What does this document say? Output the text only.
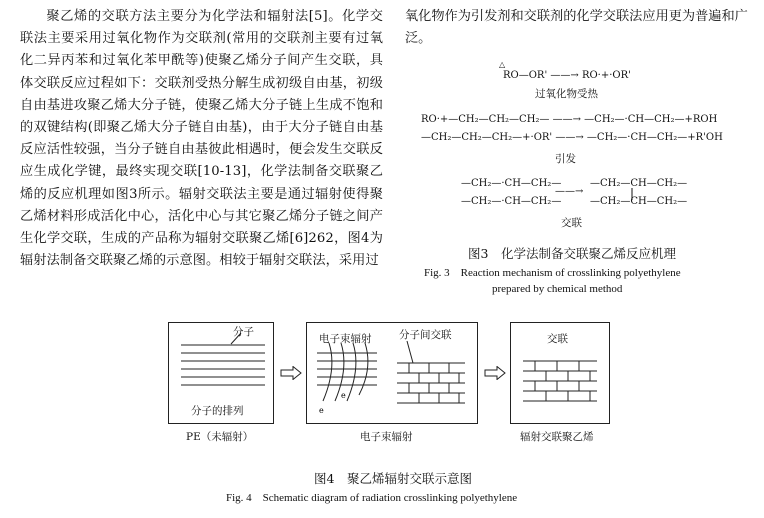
聚乙烯的交联方法主要分为化学法和辐射法[5]。化学交联法主要采用过氧化物作为交联剂(常用的交联剂主要有过氧化二异丙苯和过氧化苯甲酰等)使聚乙烯分子间产生交联，具体交联反应过程如下：交联剂受热分解生成初级自由基，初级自由基进攻聚乙烯大分子链，使聚乙烯大分子链上生成不饱和的双键结构(即聚乙烯大分子链自由基)，由于大分子链自由基反应活性较强，当分子链自由基彼此相遇时，便会发生交联反应生成化学键，最终实现交联[10-13]，化学法制备交联聚乙烯的反应机理如图3所示。辐射交联法主要是通过辐射使得聚乙烯材料形成活化中心，活化中心与其它聚乙烯分子链之间产生化学交联，生成的产品称为辐射交联聚乙烯[6]262，图4为辐射法制备交联聚乙烯的示意图。相较于辐射交联法，采用过

氧化物作为引发剂和交联剂的化学交联法应用更为普遍和广泛。

△
RO—OR' ——→ RO·+·OR'
过氧化物受热
RO·+—CH₂—CH₂—CH₂— ——→ —CH₂—·CH—CH₂—+ROH
—CH₂—CH₂—CH₂—+·OR' ——→ —CH₂—·CH—CH₂—+R'OH
引发
—CH₂—·CH—CH₂—
—CH₂—·CH—CH₂—
——→
—CH₂—CH—CH₂—
—CH₂—CH—CH₂—
交联
图3　化学法制备交联聚乙烯反应机理
Fig. 3　Reaction mechanism of crosslinking polyethylene
prepared by chemical method
分子
分子的排列	e
e
电子束辐射	分子间交联	交联
PE（未辐射）	电子束辐射	辐射交联聚乙烯
图4　聚乙烯辐射交联示意图
Fig. 4　Schematic diagram of radiation crosslinking polyethylene
